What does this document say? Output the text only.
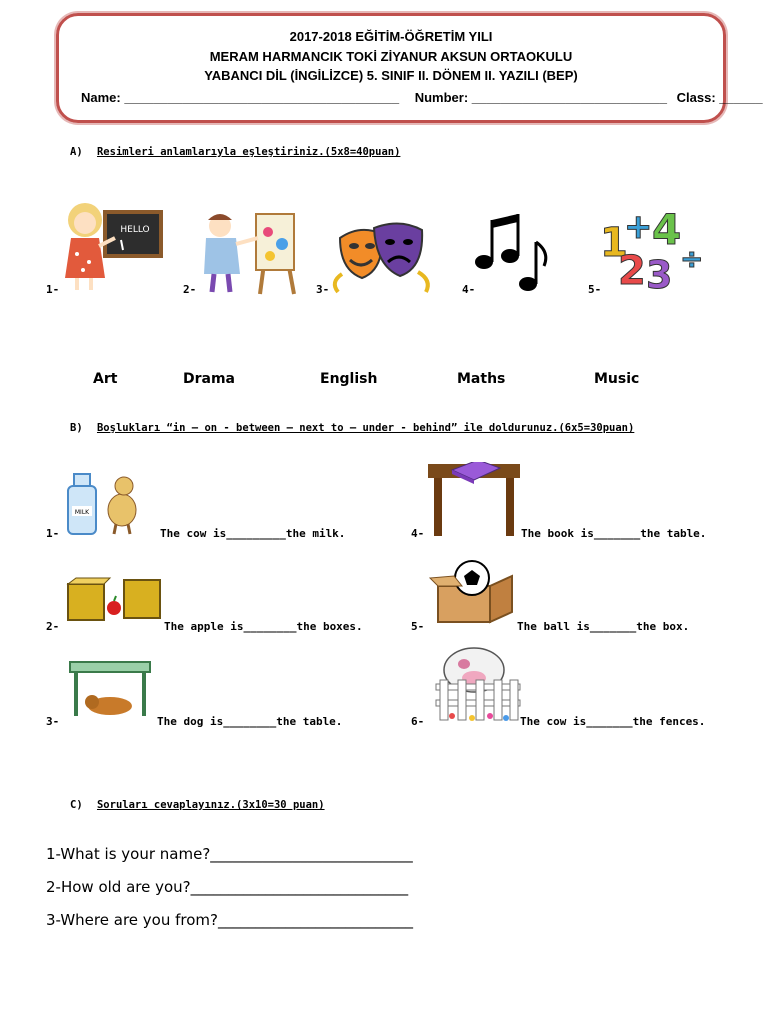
2017-2018 EĞİTİM-ÖĞRETİM YILI
MERAM HARMANCIK TOKİ ZİYANUR AKSUN ORTAOKULU
YABANCI DİL (İNGİLİZCE) 5. SINIF II. DÖNEM II. YAZILI (BEP)
Name: ______________________________________ Number: ___________________________ Class: ______
A) Resimleri anlamlarıyla eşleştiriniz.(5x8=40puan)
HELLO	1
+ 4
2 3 ÷
1-	2-	3-	4-	5-
Art	Drama	English	Maths	Music
B) Boşlukları “in – on - between – next to – under - behind” ile doldurunuz.(6x5=30puan)
MILK
1-	The cow is_________the milk.
2-	The apple is________the boxes.
3-	The dog is________the table.
4-	The book is_______the table.
5-	The ball is_______the box.
6-	The cow is_______the fences.
C) Soruları cevaplayınız.(3x10=30 puan)
1-What is your name?___________________________
2-How old are you?_____________________________
3-Where are you from?__________________________
